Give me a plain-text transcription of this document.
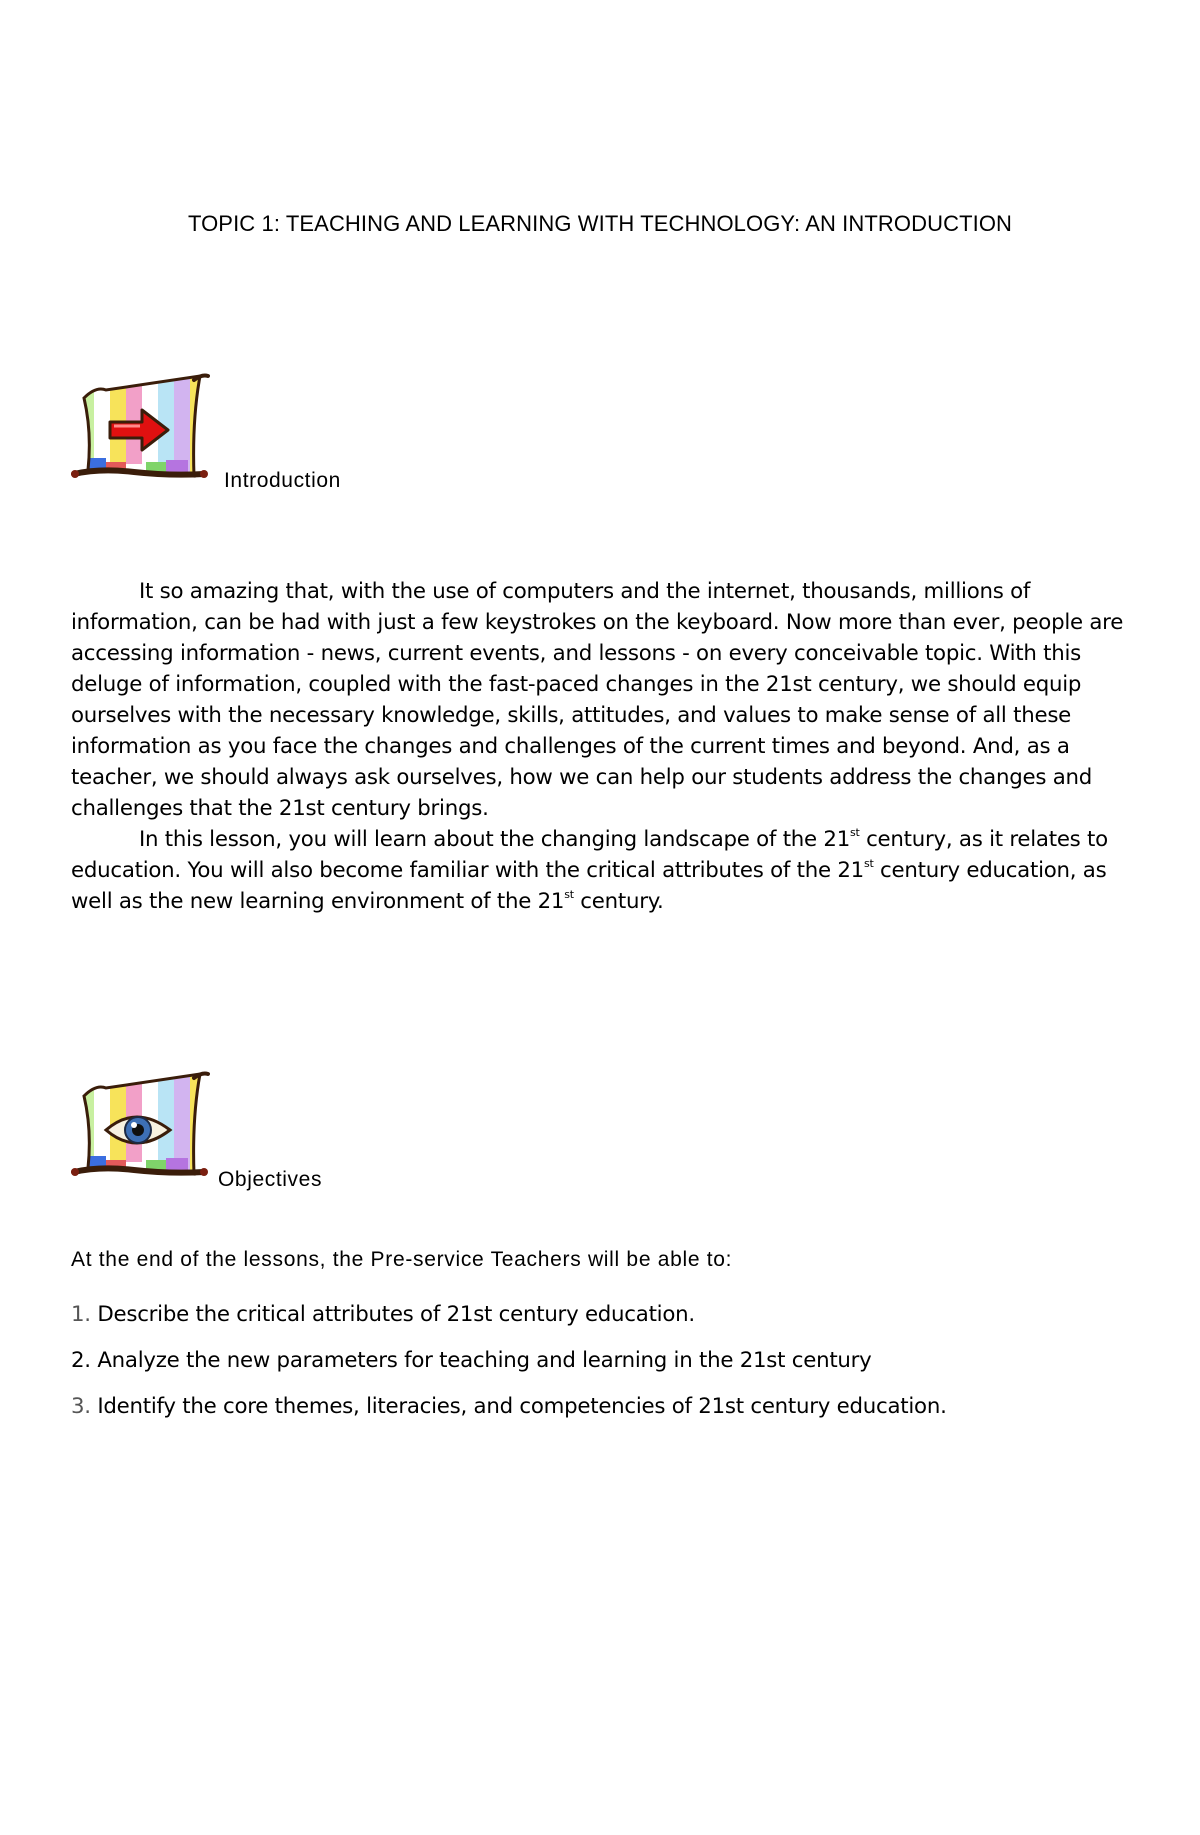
TOPIC 1: TEACHING AND LEARNING WITH TECHNOLOGY: AN INTRODUCTION
Introduction

It so amazing that, with the use of computers and the internet, thousands, millions of information, can be had with just a few keystrokes on the keyboard. Now more than ever, people are accessing information - news, current events, and lessons - on every conceivable topic. With this deluge of information, coupled with the fast-paced changes in the 21st century, we should equip ourselves with the necessary knowledge, skills, attitudes, and values to make sense of all these information as you face the changes and challenges of the current times and beyond. And, as a teacher, we should always ask ourselves, how we can help our students address the changes and challenges that the 21st century brings.

In this lesson, you will learn about the changing landscape of the 21st century, as it relates to education. You will also become familiar with the critical attributes of the 21st century education, as well as the new learning environment of the 21st century.

Objectives
At the end of the lessons, the Pre-service Teachers will be able to:
1. Describe the critical attributes of 21st century education.
2. Analyze the new parameters for teaching and learning in the 21st century
3. Identify the core themes, literacies, and competencies of 21st century education.
